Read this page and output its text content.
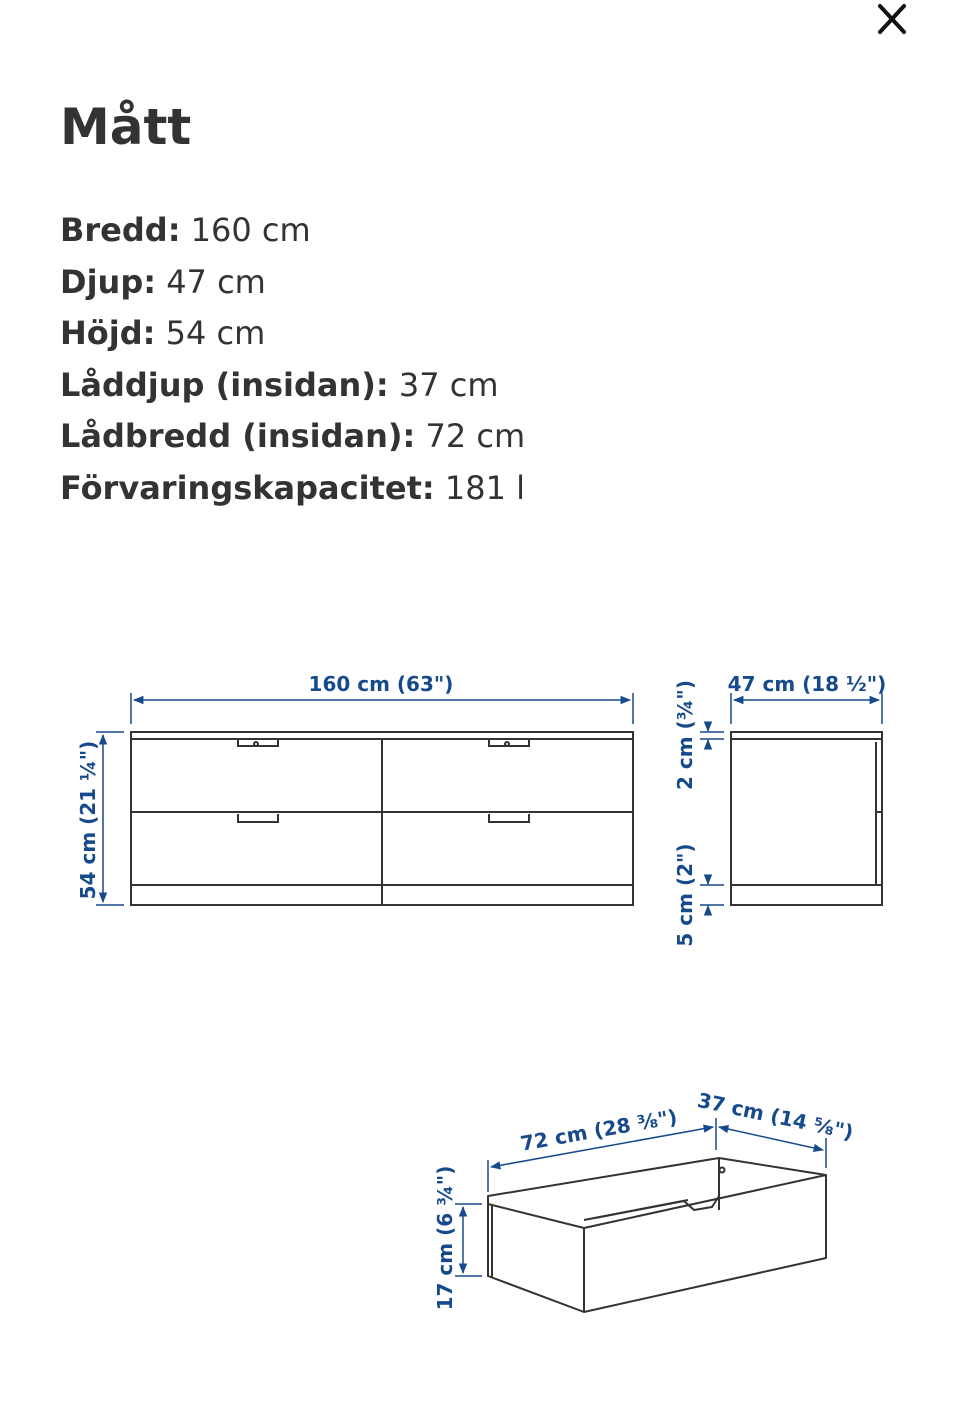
Mått
Bredd: 160 cm
Djup: 47 cm
Höjd: 54 cm
Låddjup (insidan): 37 cm
Lådbredd (insidan): 72 cm
Förvaringskapacitet: 181 l
160 cm (63")
54 cm (21 ¼")
47 cm (18 ½")
2 cm (¾")
5 cm (2")
72 cm (28 ⅜") 37 cm (14 ⅝")
17 cm (6 ¾")
